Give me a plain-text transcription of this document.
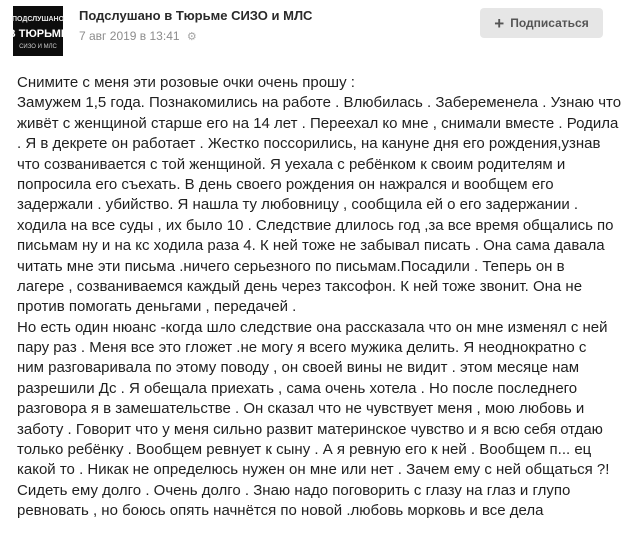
ПОДСЛУШАНО
В ТЮРЬМЕ
СИЗО И МЛС
Подслушано в Тюрьме СИЗО и МЛС
7 авг 2019 в 13:41 ⚙
+ Подписаться
Снимите с меня эти розовые очки очень прошу :
Замужем 1,5 года. Познакомились на работе . Влюбилась . Забеременела . Узнаю что
живёт с женщиной старше его на 14 лет . Переехал ко мне , снимали вместе . Родила
. Я в декрете он работает . Жестко поссорились, на кануне дня его рождения,узнав
что созванивается с той женщиной. Я уехала с ребёнком к своим родителям и
попросила его съехать. В день своего рождения он нажрался и вообщем его
задержали . убийство. Я нашла ту любовницу , сообщила ей о его задержании .
ходила на все суды , их было 10 . Следствие длилось год ,за все время общались по
письмам ну и на кс ходила раза 4. К ней тоже не забывал писать . Она сама давала
читать мне эти письма .ничего серьезного по письмам.Посадили . Теперь он в
лагере , созваниваемся каждый день через таксофон. К ней тоже звонит. Она не
против помогать деньгами , передачей .
Но есть один нюанс -когда шло следствие она рассказала что он мне изменял с ней
пару раз . Меня все это гложет .не могу я всего мужика делить. Я неоднократно с
ним разговаривала по этому поводу , он своей вины не видит . этом месяце нам
разрешили Дс . Я обещала приехать , сама очень хотела . Но после последнего
разговора я в замешательстве . Он сказал что не чувствует меня , мою любовь и
заботу . Говорит что у меня сильно развит материнское чувство и я всю себя отдаю
только ребёнку . Вообщем ревнует к сыну . А я ревную его к ней . Вообщем п... ец
какой то . Никак не определюсь нужен он мне или нет . Зачем ему с ней общаться ?!
Сидеть ему долго . Очень долго . Знаю надо поговорить с глазу на глаз и глупо
ревновать , но боюсь опять начнётся по новой .любовь морковь и все дела
